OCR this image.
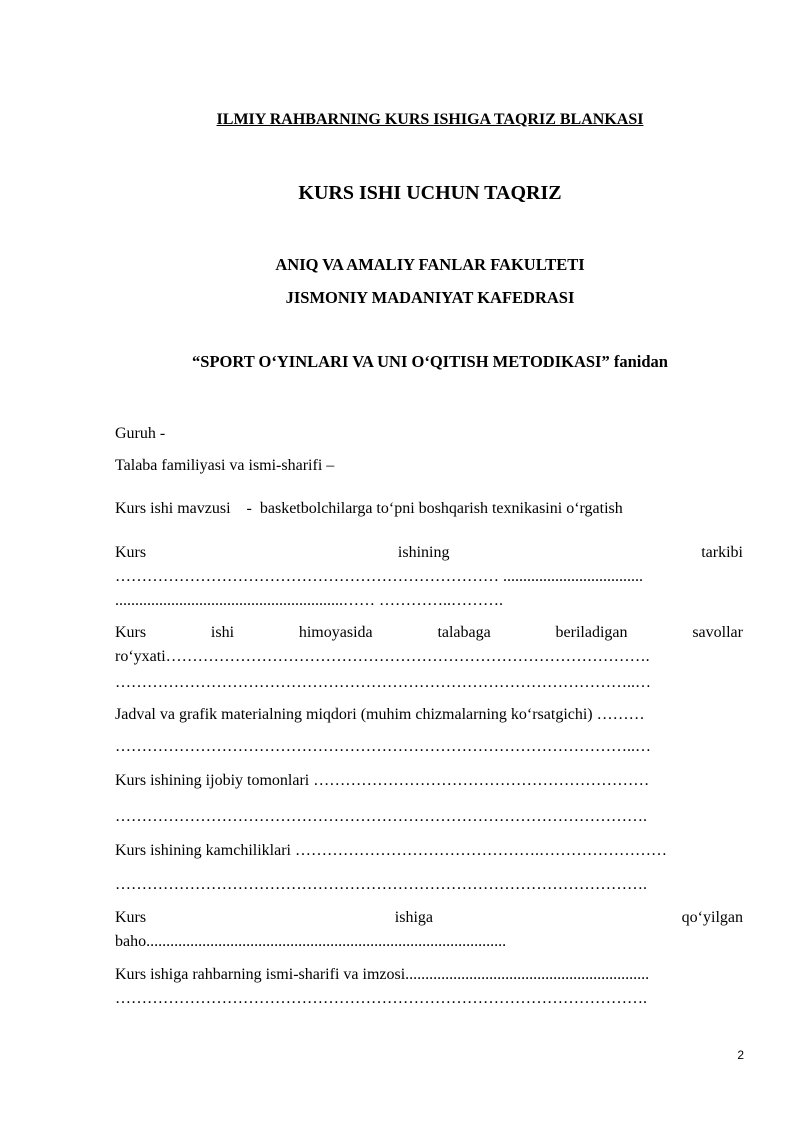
ILMIY RAHBARNING KURS ISHIGA TAQRIZ BLANKASI
KURS ISHI UCHUN TAQRIZ
ANIQ VA AMALIY FANLAR FAKULTETI
JISMONIY MADANIYAT KAFEDRASI
“SPORT O‘YINLARI VA UNI O‘QITISH METODIKASI” fanidan
Guruh -
Talaba familiyasi va ismi-sharifi –
Kurs ishi mavzusi - basketbolchilarga to‘pni boshqarish texnikasini o‘rgatish
Kurs	ishining	tarkibi
……………………………………………………………… ...................................
.........................................................…… …………..……….
Kurs	ishi	himoyasida	talabaga	beriladigan	savollar
ro‘yxati……………………………………………………………………………….
……………………………………………………………………………………..…
Jadval va grafik materialning miqdori (muhim chizmalarning ko‘rsatgichi) ………
……………………………………………………………………………………..…
Kurs ishining ijobiy tomonlari ………………………………………………………
……………………………………………………………………………………….
Kurs ishining kamchiliklari ……………………………………….……………………
……………………………………………………………………………………….
Kurs	ishiga	qo‘yilgan
baho..........................................................................................
Kurs ishiga rahbarning ismi-sharifi va imzosi.............................................................
……………………………………………………………………………………….
2
